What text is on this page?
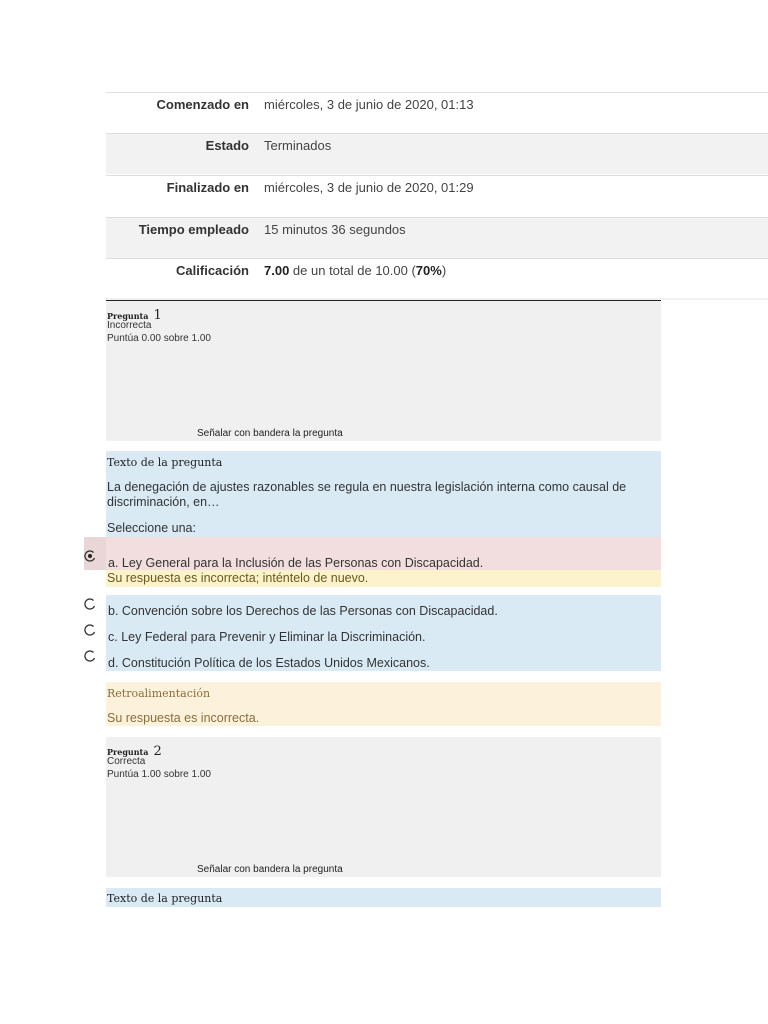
Comenzado en miércoles, 3 de junio de 2020, 01:13
Estado Terminados
Finalizado en miércoles, 3 de junio de 2020, 01:29
Tiempo empleado 15 minutos 36 segundos
Calificación 7.00 de un total de 10.00 (70%)
Pregunta 1
Incorrecta
Puntúa 0.00 sobre 1.00
Señalar con bandera la pregunta
Texto de la pregunta
La denegación de ajustes razonables se regula en nuestra legislación interna como causal de discriminación, en…
Seleccione una:
a. Ley General para la Inclusión de las Personas con Discapacidad.
Su respuesta es incorrecta; inténtelo de nuevo.
b. Convención sobre los Derechos de las Personas con Discapacidad.
c. Ley Federal para Prevenir y Eliminar la Discriminación.
d. Constitución Política de los Estados Unidos Mexicanos.
Retroalimentación
Su respuesta es incorrecta.
Pregunta 2
Correcta
Puntúa 1.00 sobre 1.00
Señalar con bandera la pregunta
Texto de la pregunta
